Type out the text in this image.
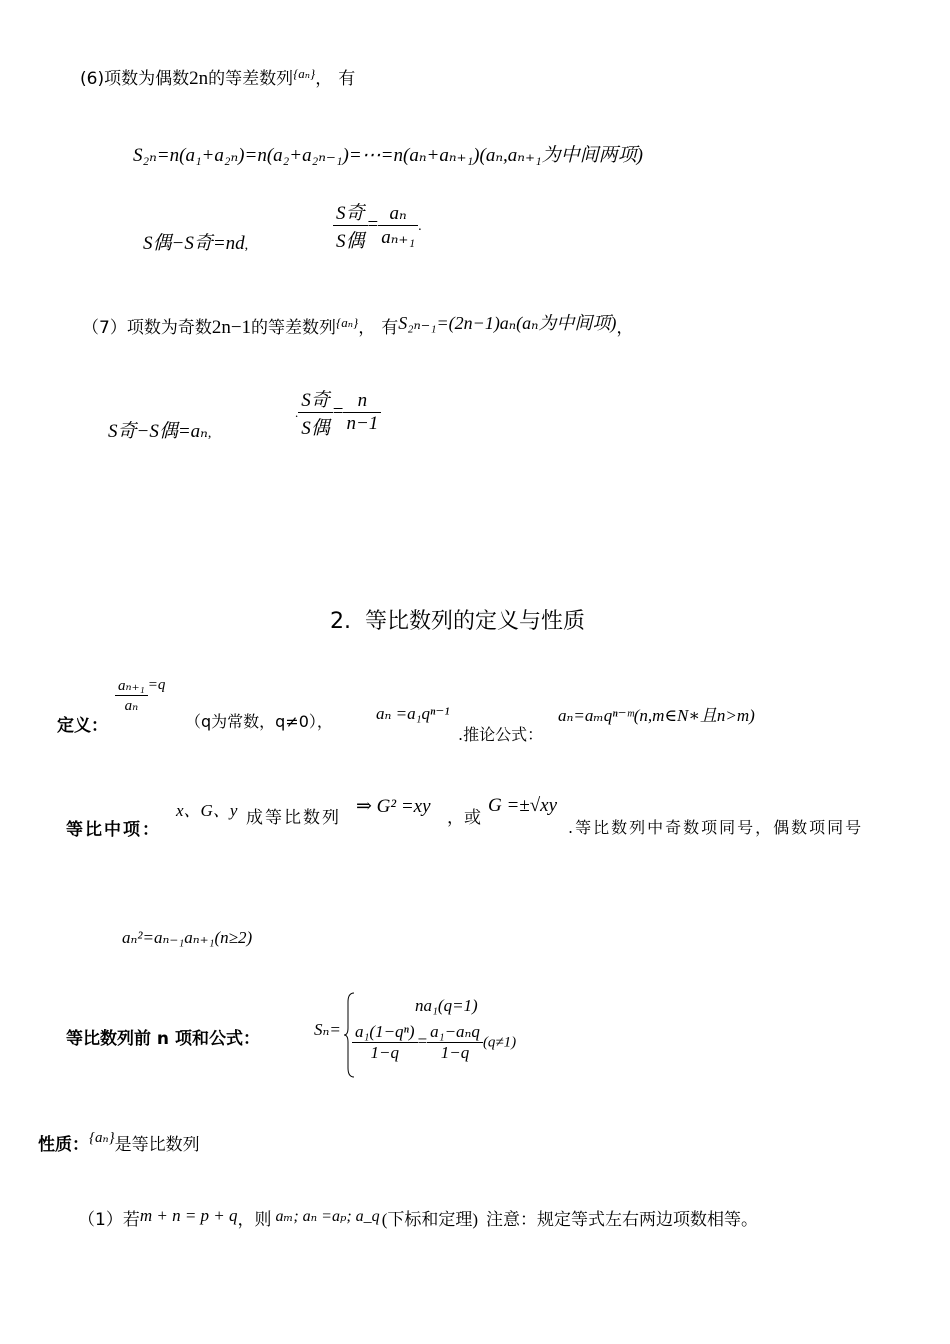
(6)项数为偶数2n的等差数列$^{\{a_n\}}$， 有
S₂ₙ=n(a₁+a₂ₙ)=n(a₂+a₂ₙ₋₁)=⋯=n(aₙ+aₙ₊₁)(aₙ,aₙ₊₁为中间两项)
S偶−S奇=nd,	$\frac{\text{S奇}}{\text{S偶}} = \frac{\text{aₙ}}{\text{aₙ₊₁}}$ .
（7）项数为奇数2n−1的等差数列$^{\{a_n\}}$， 有S₂ₙ₋₁=(2n−1)aₙ(aₙ为中间项)，
S奇−S偶=aₙ,
. $\frac{\text{S奇}}{\text{S偶}} = \frac{n}{n-1}$
2.  等比数列的定义与性质
$\frac{\text{aₙ₊₁}}{\text{aₙ}} =q$
定义：	（q为常数，q≠0），	aₙ =a₁qⁿ⁻¹
.推论公式：
aₙ=aₘqⁿ⁻ᵐ(n,m∈N∗且n>m)
等比中项：
x、G、y 成等比数列
⇒ G² =xy
，或
G =±√xy
.等比数列中奇数项同号，偶数项同号
aₙ²=aₙ₋₁aₙ₊₁(n≥2)
等比数列前 n 项和公式：	Sₙ=
na₁(q=1)
$\frac{\text{a₁(1−qⁿ)}}{1-q} = \frac{\text{a₁−aₙq}}{1-q} (q\ne 1)$
性质：{aₙ}是等比数列
（1）若m + n = p + q，则 aₘ; aₙ =aₚ; a_q (下标和定理) 注意：规定等式左右两边项数相等。
